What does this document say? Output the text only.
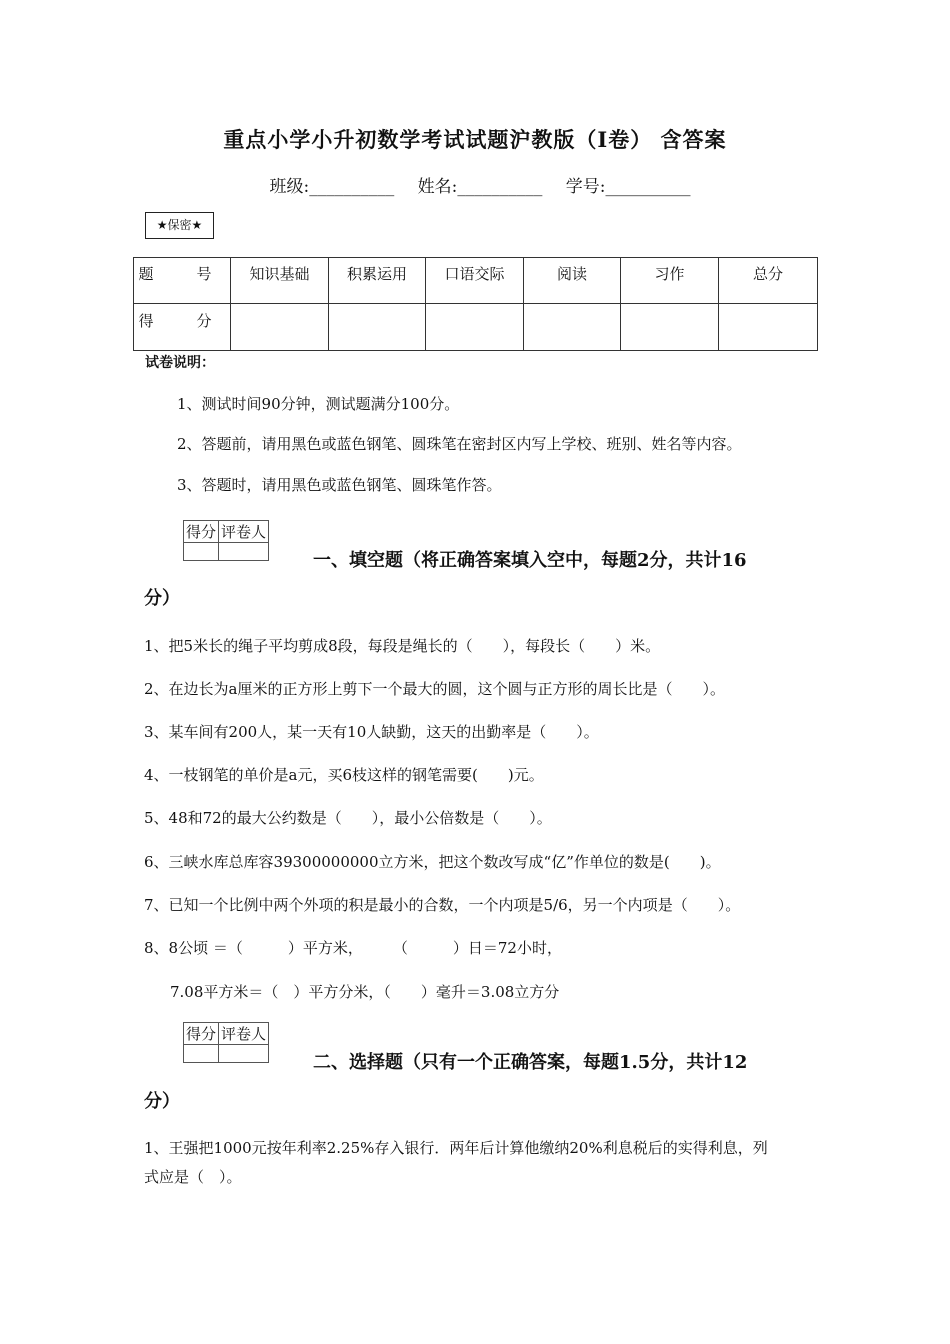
重点小学小升初数学考试试题沪教版（I卷） 含答案
班级:__________ 姓名:__________ 学号:__________
★保密★
题　号	知识基础	积累运用	口语交际	阅读	习作	总分
得　分						
试卷说明：
1、测试时间90分钟，测试题满分100分。
2、答题前，请用黑色或蓝色钢笔、圆珠笔在密封区内写上学校、班别、姓名等内容。
3、答题时，请用黑色或蓝色钢笔、圆珠笔作答。
得分	评卷人

一、填空题（将正确答案填入空中，每题2分，共计16
分）
1、把5米长的绳子平均剪成8段，每段是绳长的（　　），每段长（　　）米。
2、在边长为a厘米的正方形上剪下一个最大的圆，这个圆与正方形的周长比是（　　）。
3、某车间有200人，某一天有10人缺勤，这天的出勤率是（　　）。
4、一枝钢笔的单价是a元，买6枝这样的钢笔需要(　　)元。
5、48和72的最大公约数是（　　），最小公倍数是（　　）。
6、三峡水库总库容39300000000立方米，把这个数改写成“亿”作单位的数是(　　)。
7、已知一个比例中两个外项的积是最小的合数，一个内项是5/6，另一个内项是（　　）。
8、8公顷 ＝（　　　）平方米，　　　（　　　）日＝72小时，
7.08平方米＝（　）平方分米，（　　）毫升＝3.08立方分
得分	评卷人

二、选择题（只有一个正确答案，每题1.5分，共计12
分）
1、王强把1000元按年利率2.25%存入银行．两年后计算他缴纳20%利息税后的实得利息，列
式应是（　）。
